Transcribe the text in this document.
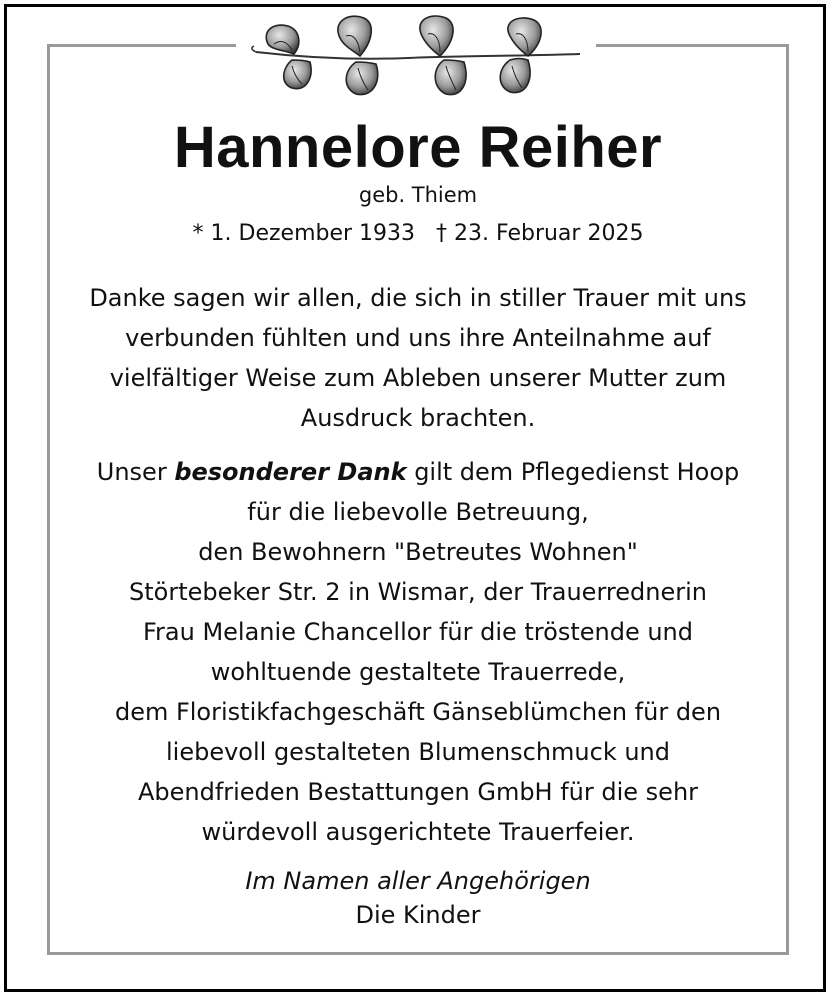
Hannelore Reiher
geb. Thiem
* 1. Dezember 1933   † 23. Februar 2025
Danke sagen wir allen, die sich in stiller Trauer mit uns
verbunden fühlten und uns ihre Anteilnahme auf
vielfältiger Weise zum Ableben unserer Mutter zum
Ausdruck brachten.
Unser besonderer Dank gilt dem Pflegedienst Hoop
für die liebevolle Betreuung,
den Bewohnern "Betreutes Wohnen"
Störtebeker Str. 2 in Wismar, der Trauerrednerin
Frau Melanie Chancellor für die tröstende und
wohltuende gestaltete Trauerrede,
dem Floristikfachgeschäft Gänseblümchen für den
liebevoll gestalteten Blumenschmuck und
Abendfrieden Bestattungen GmbH für die sehr
würdevoll ausgerichtete Trauerfeier.
Im Namen aller Angehörigen
Die Kinder
